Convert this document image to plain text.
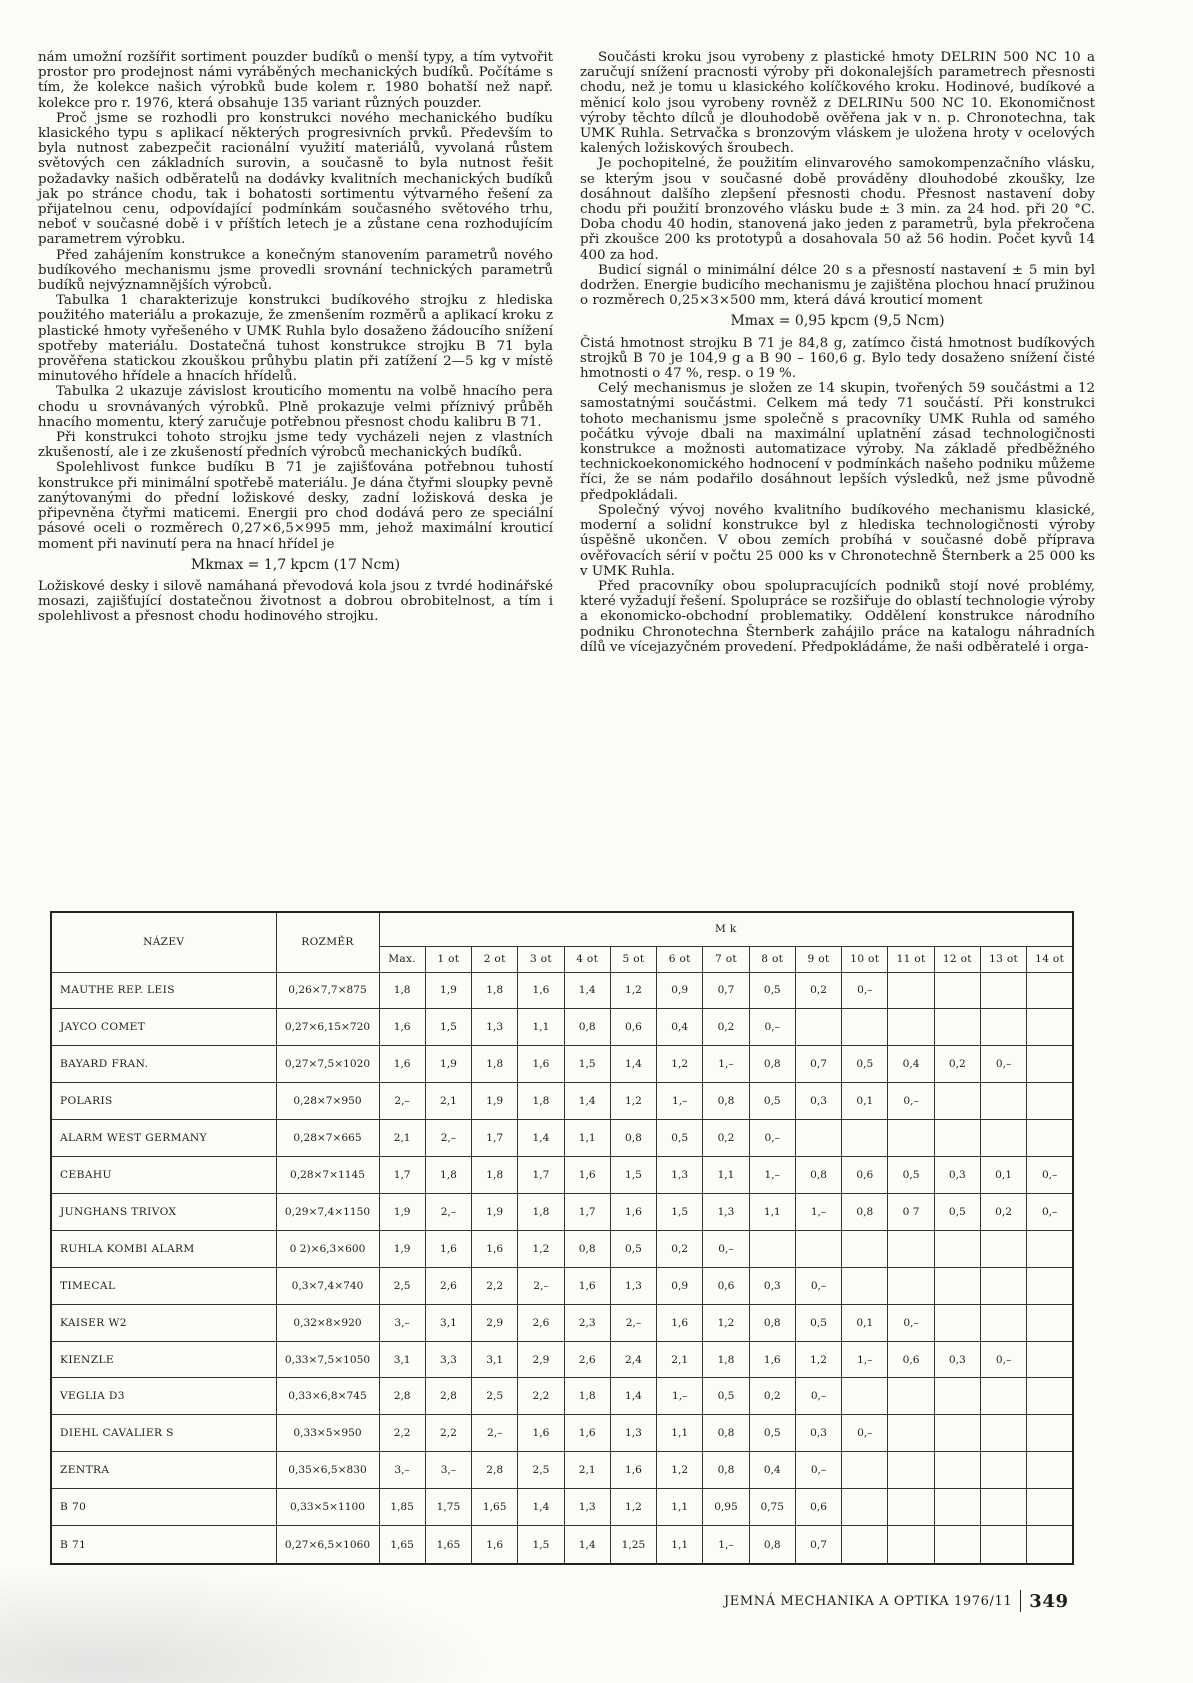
nám umožní rozšířit sortiment pouzder budíků o menší typy, a tím vytvořit prostor pro prodejnost námi vyráběných mechanických budíků. Počítáme s tím, že kolekce našich výrobků bude kolem r. 1980 bohatší než např. kolekce pro r. 1976, která obsahuje 135 variant různých pouzder.

Proč jsme se rozhodli pro konstrukci nového mechanického budíku klasického typu s aplikací některých progresivních prvků. Především to byla nutnost zabezpečit racionální využití materiálů, vyvolaná růstem světových cen základních surovin, a současně to byla nutnost řešit požadavky našich odběratelů na dodávky kvalitních mechanických budíků jak po stránce chodu, tak i bohatosti sortimentu výtvarného řešení za přijatelnou cenu, odpovídající podmínkám současného světového trhu, neboť v současné době i v příštích letech je a zůstane cena rozhodujícím parametrem výrobku.

Před zahájením konstrukce a konečným stanovením parametrů nového budíkového mechanismu jsme provedli srovnání technických parametrů budíků nejvýznamnějších výrobců.

Tabulka 1 charakterizuje konstrukci budíkového strojku z hlediska použitého materiálu a prokazuje, že zmenšením rozměrů a aplikací kroku z plastické hmoty vyřešeného v UMK Ruhla bylo dosaženo žádoucího snížení spotřeby materiálu. Dostatečná tuhost konstrukce strojku B 71 byla prověřena statickou zkouškou průhybu platin při zatížení 2—5 kg v místě minutového hřídele a hnacích hřídelů.

Tabulka 2 ukazuje závislost krouticího momentu na volbě hnacího pera chodu u srovnávaných výrobků. Plně prokazuje velmi příznivý průběh hnacího momentu, který zaručuje potřebnou přesnost chodu kalibru B 71.

Při konstrukci tohoto strojku jsme tedy vycházeli nejen z vlastních zkušeností, ale i ze zkušeností předních výrobců mechanických budíků.

Spolehlivost funkce budíku B 71 je zajišťována potřebnou tuhostí konstrukce při minimální spotřebě materiálu. Je dána čtyřmi sloupky pevně zanýtovanými do přední ložiskové desky, zadní ložisková deska je připevněna čtyřmi maticemi. Energii pro chod dodává pero ze speciální pásové oceli o rozměrech 0,27×6,5×995 mm, jehož maximální krouticí moment při navinutí pera na hnací hřídel je

Mkmax = 1,7 kpcm (17 Ncm)

Ložiskové desky i silově namáhaná převodová kola jsou z tvrdé hodinářské mosazi, zajišťující dostatečnou životnost a dobrou obrobitelnost, a tím i spolehlivost a přesnost chodu hodinového strojku.

Součásti kroku jsou vyrobeny z plastické hmoty DELRIN 500 NC 10 a zaručují snížení pracnosti výroby při dokonalejších parametrech přesnosti chodu, než je tomu u klasického kolíčkového kroku. Hodinové, budíkové a měnicí kolo jsou vyrobeny rovněž z DELRINu 500 NC 10. Ekonomičnost výroby těchto dílců je dlouhodobě ověřena jak v n. p. Chronotechna, tak UMK Ruhla. Setrvačka s bronzovým vláskem je uložena hroty v ocelových kalených ložiskových šroubech.

Je pochopitelné, že použitím elinvarového samokompenzačního vlásku, se kterým jsou v současné době prováděny dlouhodobé zkoušky, lze dosáhnout dalšího zlepšení přesnosti chodu. Přesnost nastavení doby chodu při použití bronzového vlásku bude ± 3 min. za 24 hod. při 20 °C. Doba chodu 40 hodin, stanovená jako jeden z parametrů, byla překročena při zkoušce 200 ks prototypů a dosahovala 50 až 56 hodin. Počet kyvů 14 400 za hod.

Budicí signál o minimální délce 20 s a přesností nastavení ± 5 min byl dodržen. Energie budicího mechanismu je zajištěna plochou hnací pružinou o rozměrech 0,25×3×500 mm, která dává krouticí moment

Mmax = 0,95 kpcm (9,5 Ncm)

Čistá hmotnost strojku B 71 je 84,8 g, zatímco čistá hmotnost budíkových strojků B 70 je 104,9 g a B 90 – 160,6 g. Bylo tedy dosaženo snížení čisté hmotnosti o 47 %, resp. o 19 %.

Celý mechanismus je složen ze 14 skupin, tvořených 59 součástmi a 12 samostatnými součástmi. Celkem má tedy 71 součástí. Při konstrukci tohoto mechanismu jsme společně s pracovníky UMK Ruhla od samého počátku vývoje dbali na maximální uplatnění zásad technologičnosti konstrukce a možnosti automatizace výroby. Na základě předběžného technickoekonomického hodnocení v podmínkách našeho podniku můžeme říci, že se nám podařilo dosáhnout lepších výsledků, než jsme původně předpokládali.

Společný vývoj nového kvalitního budíkového mechanismu klasické, moderní a solidní konstrukce byl z hlediska technologičnosti výroby úspěšně ukončen. V obou zemích probíhá v současné době příprava ověřovacích sérií v počtu 25 000 ks v Chronotechně Šternberk a 25 000 ks v UMK Ruhla.

Před pracovníky obou spolupracujících podniků stojí nové problémy, které vyžadují řešení. Spolupráce se rozšiřuje do oblastí technologie výroby a ekonomicko-obchodní problematiky. Oddělení konstrukce národního podniku Chronotechna Šternberk zahájilo práce na katalogu náhradních dílů ve vícejazyčném provedení. Předpokládáme, že naši odběratelé i orga-

NÁZEV	ROZMĚR	M k														
		Max.	1 ot	2 ot	3 ot	4 ot	5 ot	6 ot	7 ot	8 ot	9 ot	10 ot	11 ot	12 ot	13 ot	14 ot
MAUTHE REP. LEIS	0,26×7,7×875	1,8	1,9	1,8	1,6	1,4	1,2	0,9	0,7	0,5	0,2	0,–				
JAYCO COMET	0,27×6,15×720	1,6	1,5	1,3	1,1	0,8	0,6	0,4	0,2	0,–						
BAYARD FRAN.	0,27×7,5×1020	1,6	1,9	1,8	1,6	1,5	1,4	1,2	1,–	0,8	0,7	0,5	0,4	0,2	0,–	
POLARIS	0,28×7×950	2,–	2,1	1,9	1,8	1,4	1,2	1,–	0,8	0,5	0,3	0,1	0,–			
ALARM WEST GERMANY	0,28×7×665	2,1	2,–	1,7	1,4	1,1	0,8	0,5	0,2	0,–						
CEBAHU	0,28×7×1145	1,7	1,8	1,8	1,7	1,6	1,5	1,3	1,1	1,–	0,8	0,6	0,5	0,3	0,1	0,–
JUNGHANS TRIVOX	0,29×7,4×1150	1,9	2,–	1,9	1,8	1,7	1,6	1,5	1,3	1,1	1,–	0,8	0 7	0,5	0,2	0,–
RUHLA KOMBI ALARM	0 2)×6,3×600	1,9	1,6	1,6	1,2	0,8	0,5	0,2	0,–							
TIMECAL	0,3×7,4×740	2,5	2,6	2,2	2,–	1,6	1,3	0,9	0,6	0,3	0,–					
KAISER W2	0,32×8×920	3,–	3,1	2,9	2,6	2,3	2,–	1,6	1,2	0,8	0,5	0,1	0,–			
KIENZLE	0,33×7,5×1050	3,1	3,3	3,1	2,9	2,6	2,4	2,1	1,8	1,6	1,2	1,–	0,6	0,3	0,–	
VEGLIA D3	0,33×6,8×745	2,8	2,8	2,5	2,2	1,8	1,4	1,–	0,5	0,2	0,–					
DIEHL CAVALIER S	0,33×5×950	2,2	2,2	2,–	1,6	1,6	1,3	1,1	0,8	0,5	0,3	0,–				
ZENTRA	0,35×6,5×830	3,–	3,–	2,8	2,5	2,1	1,6	1,2	0,8	0,4	0,–					
B 70	0,33×5×1100	1,85	1,75	1,65	1,4	1,3	1,2	1,1	0,95	0,75	0,6					
B 71	0,27×6,5×1060	1,65	1,65	1,6	1,5	1,4	1,25	1,1	1,–	0,8	0,7					
JEMNÁ MECHANIKA A OPTIKA 1976/11 349
